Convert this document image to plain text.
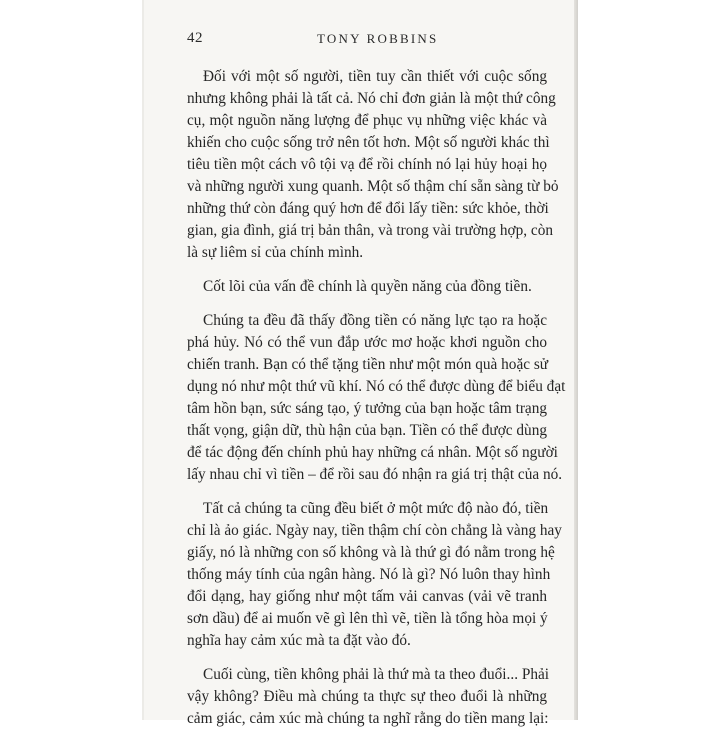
42	TONY ROBBINS

Đối với một số người, tiền tuy cần thiết với cuộc sống
nhưng không phải là tất cả. Nó chỉ đơn giản là một thứ công
cụ, một nguồn năng lượng để phục vụ những việc khác và
khiến cho cuộc sống trở nên tốt hơn. Một số người khác thì
tiêu tiền một cách vô tội vạ để rồi chính nó lại hủy hoại họ
và những người xung quanh. Một số thậm chí sẵn sàng từ bỏ
những thứ còn đáng quý hơn để đổi lấy tiền: sức khỏe, thời
gian, gia đình, giá trị bản thân, và trong vài trường hợp, còn
là sự liêm sỉ của chính mình.

Cốt lõi của vấn đề chính là quyền năng của đồng tiền.

Chúng ta đều đã thấy đồng tiền có năng lực tạo ra hoặc
phá hủy. Nó có thể vun đắp ước mơ hoặc khơi nguồn cho
chiến tranh. Bạn có thể tặng tiền như một món quà hoặc sử
dụng nó như một thứ vũ khí. Nó có thể được dùng để biểu đạt
tâm hồn bạn, sức sáng tạo, ý tưởng của bạn hoặc tâm trạng
thất vọng, giận dữ, thù hận của bạn. Tiền có thể được dùng
để tác động đến chính phủ hay những cá nhân. Một số người
lấy nhau chỉ vì tiền – để rồi sau đó nhận ra giá trị thật của nó.

Tất cả chúng ta cũng đều biết ở một mức độ nào đó, tiền
chỉ là ảo giác. Ngày nay, tiền thậm chí còn chẳng là vàng hay
giấy, nó là những con số không và là thứ gì đó nằm trong hệ
thống máy tính của ngân hàng. Nó là gì? Nó luôn thay hình
đổi dạng, hay giống như một tấm vải canvas (vải vẽ tranh
sơn dầu) để ai muốn vẽ gì lên thì vẽ, tiền là tổng hòa mọi ý
nghĩa hay cảm xúc mà ta đặt vào đó.

Cuối cùng, tiền không phải là thứ mà ta theo đuổi... Phải
vậy không? Điều mà chúng ta thực sự theo đuổi là những
cảm giác, cảm xúc mà chúng ta nghĩ rằng do tiền mang lại:
